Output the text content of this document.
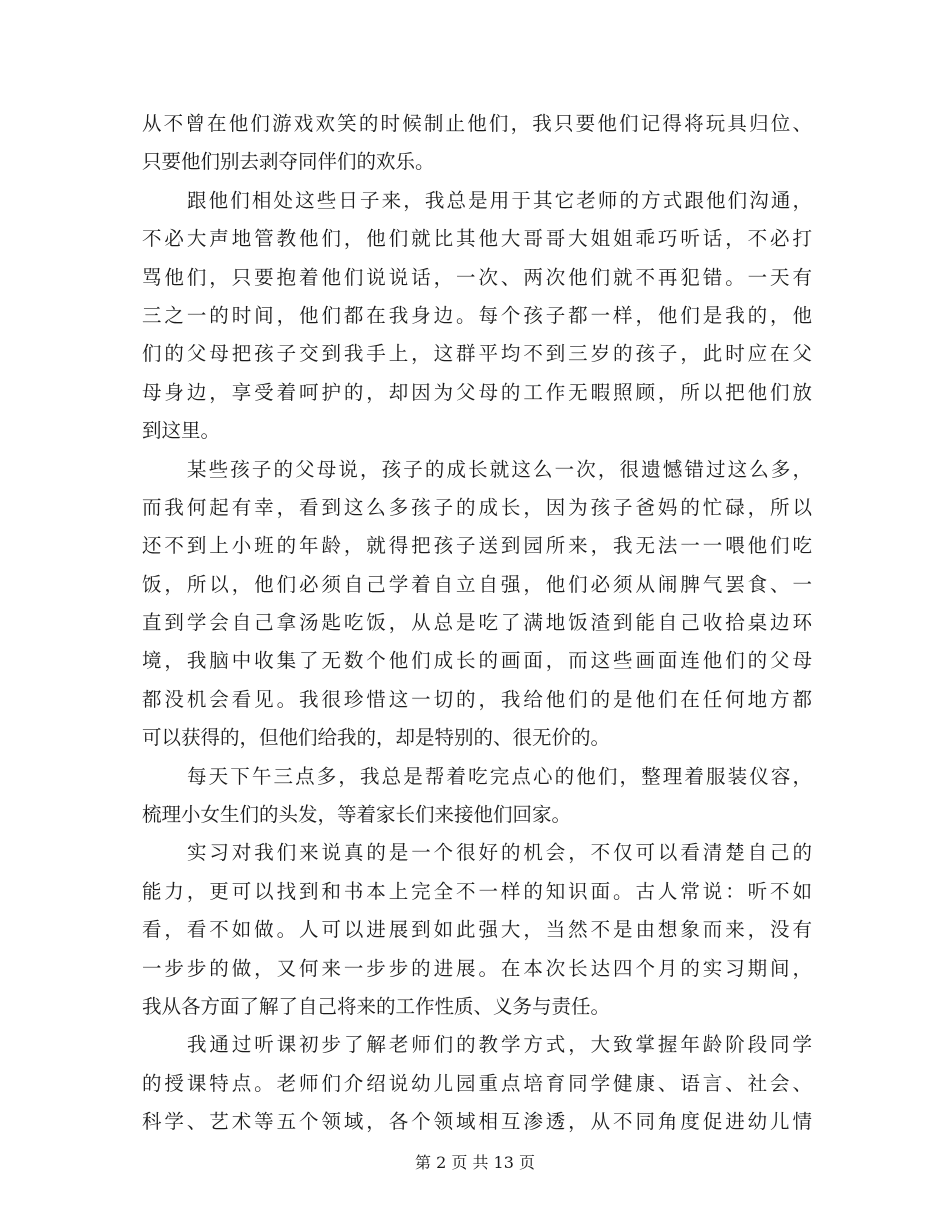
从不曾在他们游戏欢笑的时候制止他们，我只要他们记得将玩具归位、
只要他们别去剥夺同伴们的欢乐。
跟他们相处这些日子来，我总是用于其它老师的方式跟他们沟通，
不必大声地管教他们，他们就比其他大哥哥大姐姐乖巧听话，不必打
骂他们，只要抱着他们说说话，一次、两次他们就不再犯错。一天有
三之一的时间，他们都在我身边。每个孩子都一样，他们是我的，他
们的父母把孩子交到我手上，这群平均不到三岁的孩子，此时应在父
母身边，享受着呵护的，却因为父母的工作无暇照顾，所以把他们放
到这里。
某些孩子的父母说，孩子的成长就这么一次，很遗憾错过这么多，
而我何起有幸，看到这么多孩子的成长，因为孩子爸妈的忙碌，所以
还不到上小班的年龄，就得把孩子送到园所来，我无法一一喂他们吃
饭，所以，他们必须自己学着自立自强，他们必须从闹脾气罢食、一
直到学会自己拿汤匙吃饭，从总是吃了满地饭渣到能自己收拾桌边环
境，我脑中收集了无数个他们成长的画面，而这些画面连他们的父母
都没机会看见。我很珍惜这一切的，我给他们的是他们在任何地方都
可以获得的，但他们给我的，却是特别的、很无价的。
每天下午三点多，我总是帮着吃完点心的他们，整理着服装仪容，
梳理小女生们的头发，等着家长们来接他们回家。
实习对我们来说真的是一个很好的机会，不仅可以看清楚自己的
能力，更可以找到和书本上完全不一样的知识面。古人常说：听不如
看，看不如做。人可以进展到如此强大，当然不是由想象而来，没有
一步步的做，又何来一步步的进展。在本次长达四个月的实习期间，
我从各方面了解了自己将来的工作性质、义务与责任。
我通过听课初步了解老师们的教学方式，大致掌握年龄阶段同学
的授课特点。老师们介绍说幼儿园重点培育同学健康、语言、社会、
科学、艺术等五个领域，各个领域相互渗透，从不同角度促进幼儿情
第 2 页 共 13 页
